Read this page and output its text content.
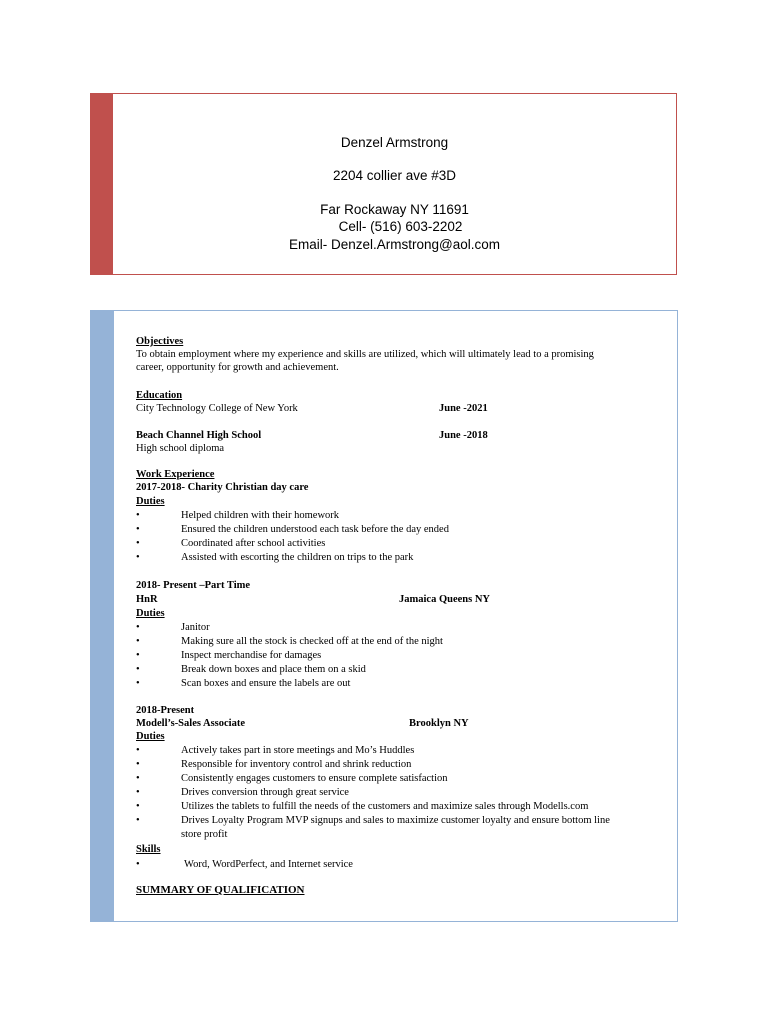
Denzel Armstrong
2204 collier ave #3D
Far Rockaway NY 11691
Cell- (516) 603-2202
Email- Denzel.Armstrong@aol.com
Objectives
To obtain employment where my experience and skills are utilized, which will ultimately lead to a promising
career, opportunity for growth and achievement.
Education
City Technology College of New York	June -2021
Beach Channel High School	June -2018
High school diploma
Work Experience
2017-2018- Charity Christian day care
Duties
•	Helped children with their homework
•	Ensured the children understood each task before the day ended
•	Coordinated after school activities
•	Assisted with escorting the children on trips to the park
2018- Present –Part Time
HnR	Jamaica Queens NY
Duties
•	Janitor
•	Making sure all the stock is checked off at the end of the night
•	Inspect merchandise for damages
•	Break down boxes and place them on a skid
•	Scan boxes and ensure the labels are out
2018-Present
Modell’s-Sales Associate	Brooklyn NY
Duties
•	Actively takes part in store meetings and Mo’s Huddles
•	Responsible for inventory control and shrink reduction
•	Consistently engages customers to ensure complete satisfaction
•	Drives conversion through great service
•	Utilizes the tablets to fulfill the needs of the customers and maximize sales through Modells.com
•	Drives Loyalty Program MVP signups and sales to maximize customer loyalty and ensure bottom line
store profit
Skills
•	Word, WordPerfect, and Internet service
SUMMARY OF QUALIFICATION
